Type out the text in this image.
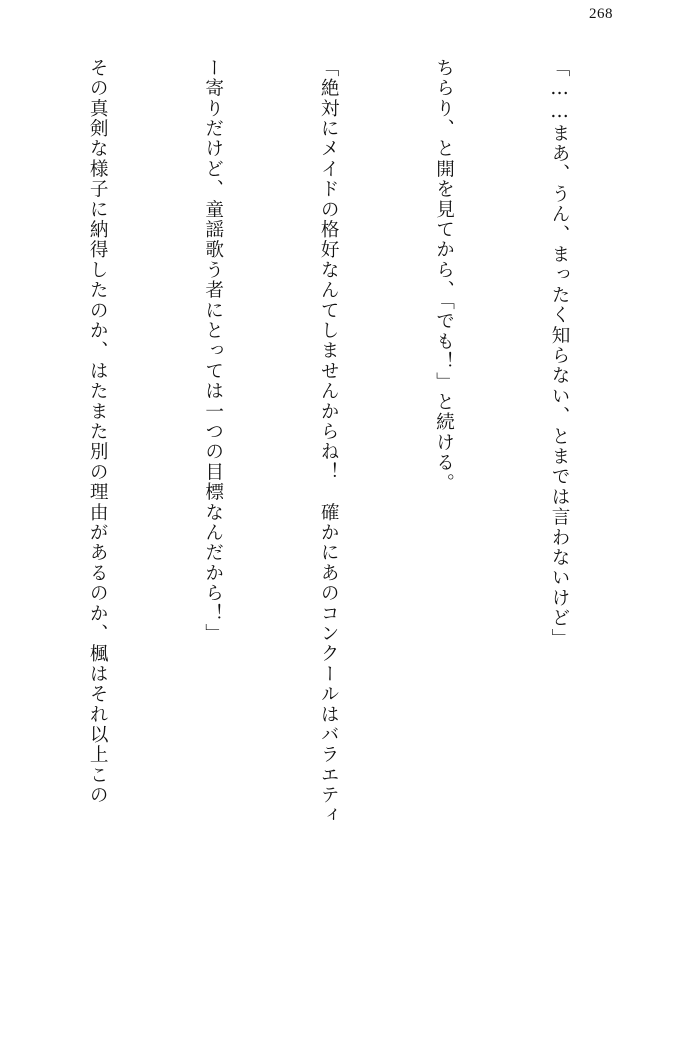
268

「……まあ、うん、まったく知らない、とまでは言わないけど」

ちらり、と開を見てから、「でも！」と続ける。

「絶対にメイドの格好なんてしませんからね！　確かにあのコンクールはバラエティ

ー寄りだけど、童謡歌う者にとっては一つの目標なんだから！」

その真剣な様子に納得したのか、はたまた別の理由があるのか、楓はそれ以上この
